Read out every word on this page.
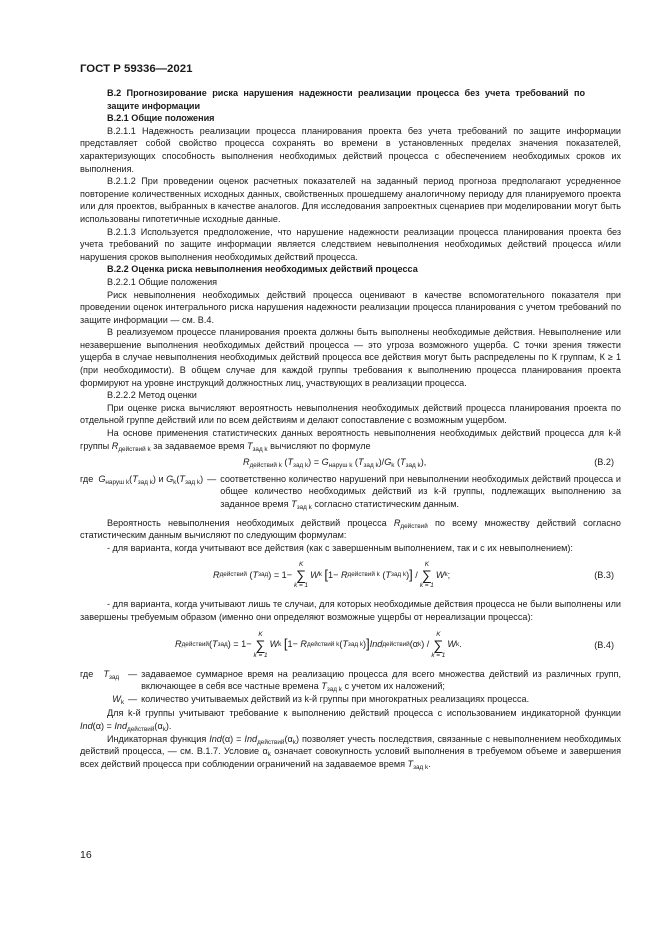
ГОСТ Р 59336—2021

В.2 Прогнозирование риска нарушения надежности реализации процесса без учета требований по защите информации

В.2.1 Общие положения

В.2.1.1 Надежность реализации процесса планирования проекта без учета требований по защите информации представляет собой свойство процесса сохранять во времени в установленных пределах значения показателей, характеризующих способность выполнения необходимых действий процесса с обеспечением необходимых сроков их выполнения.

В.2.1.2 При проведении оценок расчетных показателей на заданный период прогноза предполагают усредненное повторение количественных исходных данных, свойственных прошедшему аналогичному периоду для планируемого проекта или для проектов, выбранных в качестве аналогов. Для исследования запроектных сценариев при моделировании могут быть использованы гипотетичные исходные данные.

В.2.1.3 Используется предположение, что нарушение надежности реализации процесса планирования проекта без учета требований по защите информации является следствием невыполнения необходимых действий процесса и/или нарушения сроков выполнения необходимых действий процесса.

В.2.2 Оценка риска невыполнения необходимых действий процесса

В.2.2.1 Общие положения

Риск невыполнения необходимых действий процесса оценивают в качестве вспомогательного показателя при проведении оценок интегрального риска нарушения надежности реализации процесса планирования с учетом требований по защите информации — см. В.4.

В реализуемом процессе планирования проекта должны быть выполнены необходимые действия. Невыполнение или незавершение выполнения необходимых действий процесса — это угроза возможного ущерба. С точки зрения тяжести ущерба в случае невыполнения необходимых действий процесса все действия могут быть распределены по К группам, К ≥ 1 (при необходимости). В общем случае для каждой группы требования к выполнению процесса планирования проекта формируют на уровне инструкций должностных лиц, участвующих в реализации процесса.

В.2.2.2 Метод оценки

При оценке риска вычисляют вероятность невыполнения необходимых действий процесса планирования проекта по отдельной группе действий или по всем действиям и делают сопоставление с возможным ущербом.

На основе применения статистических данных вероятность невыполнения необходимых действий процесса для k-й группы $R_{действий k}$ за задаваемое время $T_{зад k}$ вычисляют по формуле

$R_{действий k}$ $(T_{зад k}) = G_{наруш k}$ $(T_{зад k})/G_k$ $(T_{зад k})$,	(В.2)
где $G_{наруш k}(T_{зад k})$ и $G_k(T_{зад k})$ — соответственно количество нарушений при невыполнении необходимых действий процесса и общее количество необходимых действий из k-й группы, подлежащих выполнению за заданное время $T_{зад k}$ согласно статистическим данным.

Вероятность невыполнения необходимых действий процесса $R_{действий}$ по всему множеству действий согласно статистическим данным вычисляют по следующим формулам:

- для варианта, когда учитывают все действия (как с завершенным выполнением, так и с их невыполнением):

R действий ( T зад ) =
1−
K
∑
k = 1
W k
[ 1− R действий k ( T зад k ) ]
/
K
∑
k = 1
W k ;	(В.3)

- для варианта, когда учитывают лишь те случаи, для которых необходимые действия процесса не были выполнены или завершены требуемым образом (именно они определяют возможные ущербы от нереализации процесса):

R действий ( T зад ) =
1−
K
∑
k = 1
W k
[ 1− R действий k ( T зад k ) ] Ind действий ( α k ) /
K
∑
k = 1
W k .	(В.4)
где $T_{зад}$ — задаваемое суммарное время на реализацию процесса для всего множества действий из различных групп, включающее в себя все частные времена $T_{зад k}$ с учетом их наложений;
$W_k$ — количество учитываемых действий из k-й группы при многократных реализациях процесса.

Для k-й группы учитывают требование к выполнению действий процесса с использованием индикаторной функции $Ind(\alpha) = Ind_{действий}(\alpha_k)$.

Индикаторная функция $Ind(\alpha) = Ind_{действий}(\alpha_k)$ позволяет учесть последствия, связанные с невыполнением необходимых действий процесса, — см. В.1.7. Условие $\alpha_k$ означает совокупность условий выполнения в требуемом объеме и завершения всех действий процесса при соблюдении ограничений на задаваемое время $T_{зад k}$.

16
